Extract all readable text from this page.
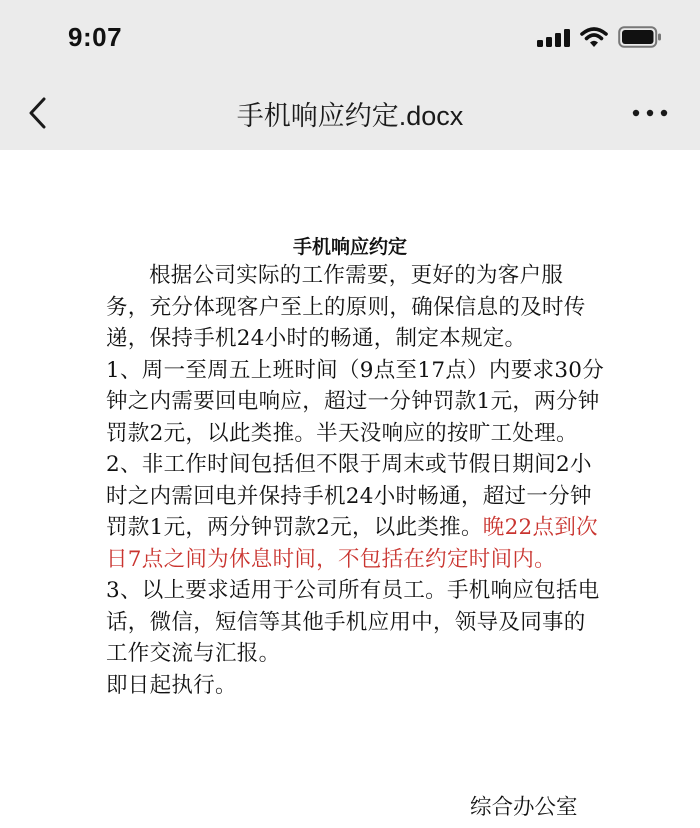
9:07
手机响应约定.docx
手机响应约定

根据公司实际的工作需要，更好的为客户服务，充分体现客户至上的原则，确保信息的及时传递，保持手机24小时的畅通，制定本规定。

1、周一至周五上班时间（9点至17点）内要求30分钟之内需要回电响应，超过一分钟罚款1元，两分钟罚款2元，以此类推。半天没响应的按旷工处理。

2、非工作时间包括但不限于周末或节假日期间2小时之内需回电并保持手机24小时畅通，超过一分钟罚款1元，两分钟罚款2元，以此类推。晚22点到次日7点之间为休息时间，不包括在约定时间内。

3、以上要求适用于公司所有员工。手机响应包括电话，微信，短信等其他手机应用中，领导及同事的工作交流与汇报。

即日起执行。

综合办公室
